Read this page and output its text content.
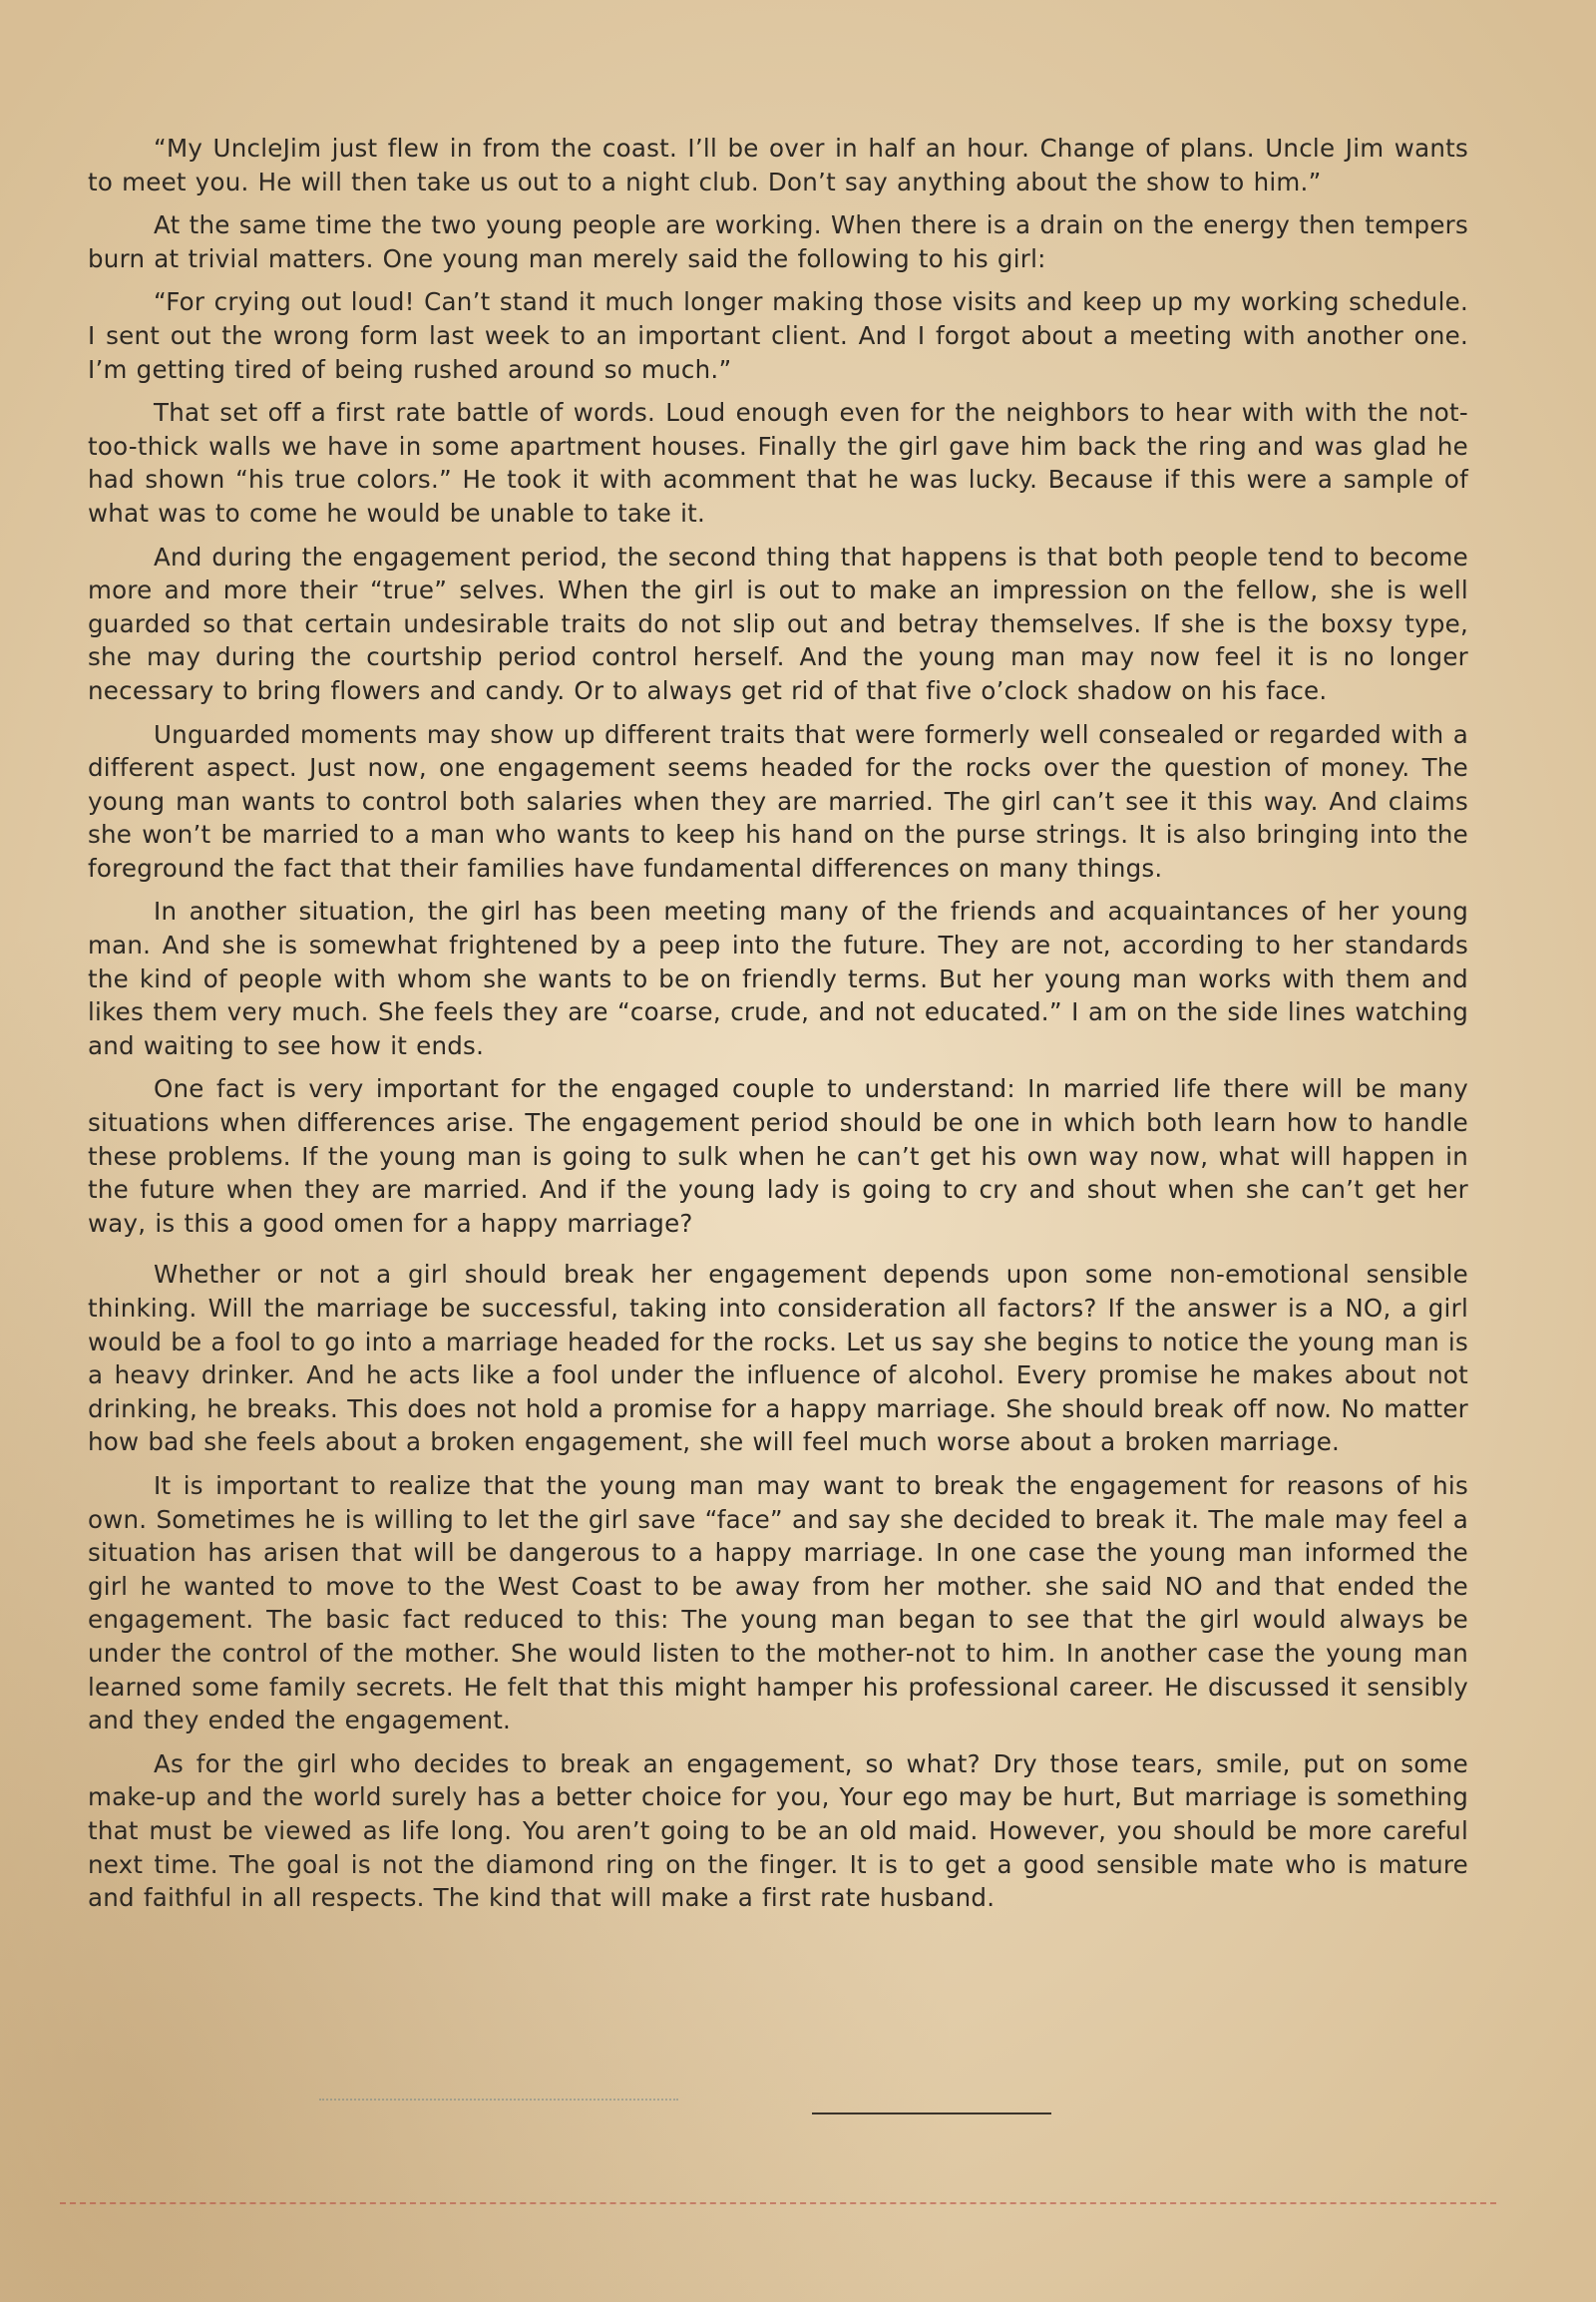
“My UncleJim just flew in from the coast. I’ll be over in half an hour. Change of plans. Uncle Jim wants to meet you. He will then take us out to a night club. Don’t say anything about the show to him.”

At the same time the two young people are working. When there is a drain on the energy then tempers burn at trivial matters. One young man merely said the following to his girl:

“For crying out loud! Can’t stand it much longer making those visits and keep up my working schedule. I sent out the wrong form last week to an important client. And I forgot about a meeting with another one. I’m getting tired of being rushed around so much.”

That set off a first rate battle of words. Loud enough even for the neighbors to hear with with the not-too-thick walls we have in some apartment houses. Finally the girl gave him back the ring and was glad he had shown “his true colors.” He took it with acomment that he was lucky. Because if this were a sample of what was to come he would be unable to take it.

And during the engagement period, the second thing that happens is that both people tend to become more and more their “true” selves. When the girl is out to make an impression on the fellow, she is well guarded so that certain undesirable traits do not slip out and betray themselves. If she is the boxsy type, she may during the courtship period control herself. And the young man may now feel it is no longer necessary to bring flowers and candy. Or to always get rid of that five o’clock shadow on his face.

Unguarded moments may show up different traits that were formerly well consealed or regarded with a different aspect. Just now, one engagement seems headed for the rocks over the question of money. The young man wants to control both salaries when they are married. The girl can’t see it this way. And claims she won’t be married to a man who wants to keep his hand on the purse strings. It is also bringing into the foreground the fact that their families have fundamental differences on many things.

In another situation, the girl has been meeting many of the friends and acquaintances of her young man. And she is somewhat frightened by a peep into the future. They are not, according to her standards the kind of people with whom she wants to be on friendly terms. But her young man works with them and likes them very much. She feels they are “coarse, crude, and not educated.” I am on the side lines watching and waiting to see how it ends.

One fact is very important for the engaged couple to understand: In married life there will be many situations when differences arise. The engagement period should be one in which both learn how to handle these problems. If the young man is going to sulk when he can’t get his own way now, what will happen in the future when they are married. And if the young lady is going to cry and shout when she can’t get her way, is this a good omen for a happy marriage?

Whether or not a girl should break her engagement depends upon some non-emotional sensible thinking. Will the marriage be successful, taking into consideration all factors? If the answer is a NO, a girl would be a fool to go into a marriage headed for the rocks. Let us say she begins to notice the young man is a heavy drinker. And he acts like a fool under the influence of alcohol. Every promise he makes about not drinking, he breaks. This does not hold a promise for a happy marriage. She should break off now. No matter how bad she feels about a broken engagement, she will feel much worse about a broken marriage.

It is important to realize that the young man may want to break the engagement for reasons of his own. Sometimes he is willing to let the girl save “face” and say she decided to break it. The male may feel a situation has arisen that will be dangerous to a happy marriage. In one case the young man informed the girl he wanted to move to the West Coast to be away from her mother. she said NO and that ended the engagement. The basic fact reduced to this: The young man began to see that the girl would always be under the control of the mother. She would listen to the mother-not to him. In another case the young man learned some family secrets. He felt that this might hamper his professional career. He discussed it sensibly and they ended the engagement.

As for the girl who decides to break an engagement, so what? Dry those tears, smile, put on some make-up and the world surely has a better choice for you, Your ego may be hurt, But marriage is something that must be viewed as life long. You aren’t going to be an old maid. However, you should be more careful next time. The goal is not the diamond ring on the finger. It is to get a good sensible mate who is mature and faithful in all respects. The kind that will make a first rate husband.
